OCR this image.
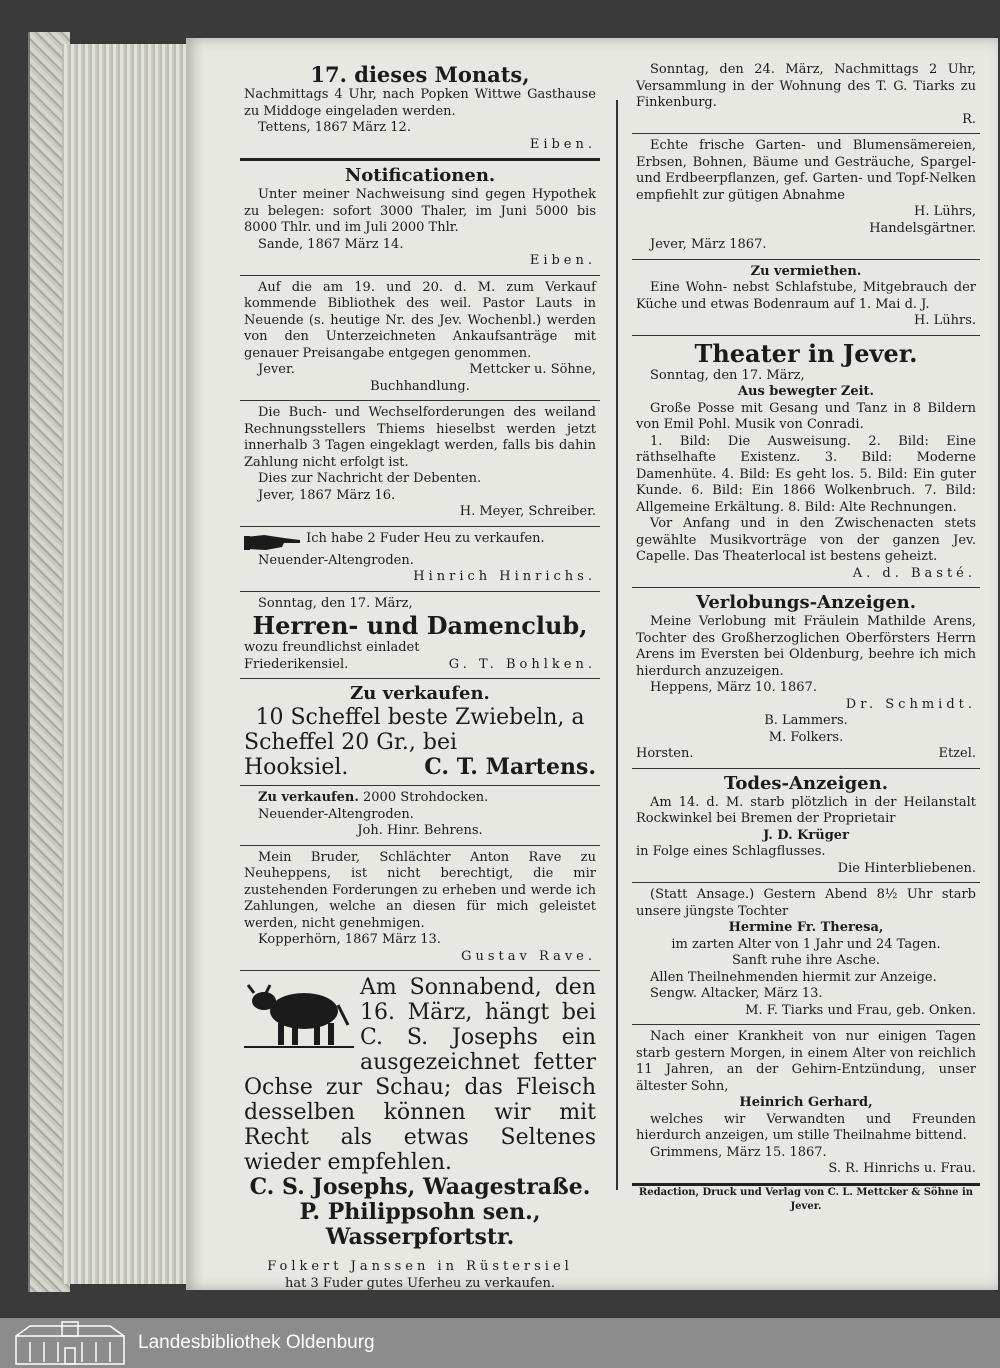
17. dieses Monats,
Nachmittags 4 Uhr, nach Popken Wittwe Gasthause zu Middoge eingeladen werden.
Tettens, 1867 März 12.
Eiben.
Notificationen.
Unter meiner Nachweisung sind gegen Hypothek zu belegen: sofort 3000 Thaler, im Juni 5000 bis 8000 Thlr. und im Juli 2000 Thlr.
Sande, 1867 März 14.
Eiben.
Auf die am 19. und 20. d. M. zum Verkauf kommende Bibliothek des weil. Pastor Lauts in Neuende (s. heutige Nr. des Jev. Wochenbl.) werden von den Unterzeichneten Ankaufsanträge mit genauer Preisangabe entgegen genommen.
Jever.	Mettcker u. Söhne,
Buchhandlung.
Die Buch- und Wechselforderungen des weiland Rechnungsstellers Thiems hieselbst werden jetzt innerhalb 3 Tagen eingeklagt werden, falls bis dahin Zahlung nicht erfolgt ist.
Dies zur Nachricht der Debenten.
Jever, 1867 März 16.
H. Meyer, Schreiber.
Ich habe 2 Fuder Heu zu verkaufen.
Neuender-Altengroden.
Hinrich Hinrichs.
Sonntag, den 17. März,
Herren- und Damenclub,
wozu freundlichst einladet
Friederikensiel.	G. T. Bohlken.
Zu verkaufen.
10 Scheffel beste Zwiebeln, a
Scheffel 20 Gr., bei
Hooksiel.	C. T. Martens.
Zu verkaufen. 2000 Strohdocken.
Neuender-Altengroden.
Joh. Hinr. Behrens.
Mein Bruder, Schlächter Anton Rave zu Neuheppens, ist nicht berechtigt, die mir zustehenden Forderungen zu erheben und werde ich Zahlungen, welche an diesen für mich geleistet werden, nicht genehmigen.
Kopperhörn, 1867 März 13.
Gustav Rave.
Am Sonnabend, den 16. März, hängt bei C. S. Josephs ein ausgezeichnet fetter Ochse zur Schau; das Fleisch desselben können wir mit Recht als etwas Seltenes wieder empfehlen.
C. S. Josephs, Waagestraße.
P. Philippsohn sen., Wasserpfortstr.
Folkert Janssen in Rüstersiel
hat 3 Fuder gutes Uferheu zu verkaufen.
Sonntag, den 24. März, Nachmittags 2 Uhr, Versammlung in der Wohnung des T. G. Tiarks zu Finkenburg.
R.
Echte frische Garten- und Blumensämereien, Erbsen, Bohnen, Bäume und Gesträuche, Spargel- und Erdbeerpflanzen, gef. Garten- und Topf-Nelken empfiehlt zur gütigen Abnahme
H. Lührs,
Handelsgärtner.
Jever, März 1867.
Zu vermiethen.
Eine Wohn- nebst Schlafstube, Mitgebrauch der Küche und etwas Bodenraum auf 1. Mai d. J.
H. Lührs.
Theater in Jever.
Sonntag, den 17. März,
Aus bewegter Zeit.
Große Posse mit Gesang und Tanz in 8 Bildern von Emil Pohl. Musik von Conradi.
1. Bild: Die Ausweisung. 2. Bild: Eine räthselhafte Existenz. 3. Bild: Moderne Damenhüte. 4. Bild: Es geht los. 5. Bild: Ein guter Kunde. 6. Bild: Ein 1866 Wolkenbruch. 7. Bild: Allgemeine Erkältung. 8. Bild: Alte Rechnungen.
Vor Anfang und in den Zwischenacten stets gewählte Musikvorträge von der ganzen Jev. Capelle. Das Theaterlocal ist bestens geheizt.
A. d. Basté.
Verlobungs-Anzeigen.
Meine Verlobung mit Fräulein Mathilde Arens, Tochter des Großherzoglichen Oberförsters Herrn Arens im Eversten bei Oldenburg, beehre ich mich hierdurch anzuzeigen.
Heppens, März 10. 1867.
Dr. Schmidt.
B. Lammers.
M. Folkers.
Horsten.	Etzel.
Todes-Anzeigen.
Am 14. d. M. starb plötzlich in der Heilanstalt Rockwinkel bei Bremen der Proprietair
J. D. Krüger
in Folge eines Schlagflusses.
Die Hinterbliebenen.
(Statt Ansage.) Gestern Abend 8½ Uhr starb unsere jüngste Tochter
Hermine Fr. Theresa,
im zarten Alter von 1 Jahr und 24 Tagen.
Sanft ruhe ihre Asche.
Allen Theilnehmenden hiermit zur Anzeige.
Sengw. Altacker, März 13.
M. F. Tiarks und Frau, geb. Onken.
Nach einer Krankheit von nur einigen Tagen starb gestern Morgen, in einem Alter von reichlich 11 Jahren, an der Gehirn-Entzündung, unser ältester Sohn,
Heinrich Gerhard,
welches wir Verwandten und Freunden hierdurch anzeigen, um stille Theilnahme bittend.
Grimmens, März 15. 1867.
S. R. Hinrichs u. Frau.
Redaction, Druck und Verlag von C. L. Mettcker & Söhne in Jever.
Landesbibliothek Oldenburg
